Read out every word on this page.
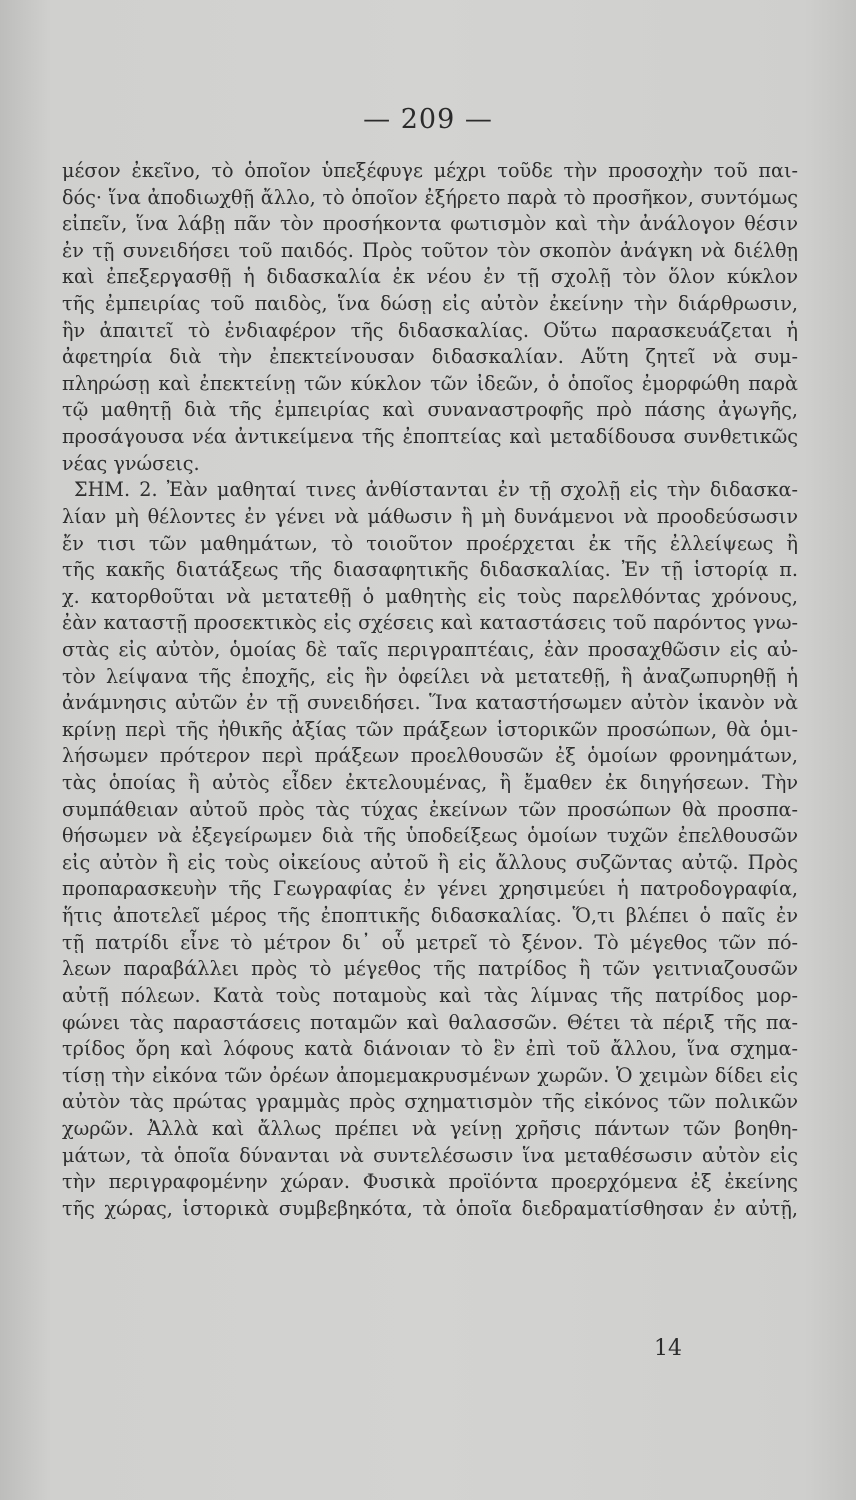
— 209 —
μέσον ἐκεῖνο, τὸ ὁποῖον ὑπεξέφυγε μέχρι τοῦδε τὴν προσοχὴν τοῦ παι-
δός· ἵνα ἀποδιωχθῇ ἄλλο, τὸ ὁποῖον ἐξήρετο παρὰ τὸ προσῆκον, συντόμως
εἰπεῖν, ἵνα λάβῃ πᾶν τὸν προσήκοντα φωτισμὸν καὶ τὴν ἀνάλογον θέσιν
ἐν τῇ συνειδήσει τοῦ παιδός. Πρὸς τοῦτον τὸν σκοπὸν ἀνάγκη νὰ διέλθῃ
καὶ ἐπεξεργασθῇ ἡ διδασκαλία ἐκ νέου ἐν τῇ σχολῇ τὸν ὅλον κύκλον
τῆς ἐμπειρίας τοῦ παιδὸς, ἵνα δώσῃ εἰς αὐτὸν ἐκείνην τὴν διάρθρωσιν,
ἣν ἀπαιτεῖ τὸ ἐνδιαφέρον τῆς διδασκαλίας. Οὕτω παρασκευάζεται ἡ
ἀφετηρία διὰ τὴν ἐπεκτείνουσαν διδασκαλίαν. Αὕτη ζητεῖ νὰ συμ-
πληρώσῃ καὶ ἐπεκτείνῃ τῶν κύκλον τῶν ἰδεῶν, ὁ ὁποῖος ἐμορφώθη παρὰ
τῷ μαθητῇ διὰ τῆς ἐμπειρίας καὶ συναναστροφῆς πρὸ πάσης ἀγωγῆς,
προσάγουσα νέα ἀντικείμενα τῆς ἐποπτείας καὶ μεταδίδουσα συνθετικῶς
νέας γνώσεις.
ΣΗΜ. 2. Ἐὰν μαθηταί τινες ἀνθίστανται ἐν τῇ σχολῇ εἰς τὴν διδασκα-
λίαν μὴ θέλοντες ἐν γένει νὰ μάθωσιν ἢ μὴ δυνάμενοι νὰ προοδεύσωσιν
ἔν τισι τῶν μαθημάτων, τὸ τοιοῦτον προέρχεται ἐκ τῆς ἐλλείψεως ἢ
τῆς κακῆς διατάξεως τῆς διασαφητικῆς διδασκαλίας. Ἐν τῇ ἱστορίᾳ π.
χ. κατορθοῦται νὰ μετατεθῇ ὁ μαθητὴς εἰς τοὺς παρελθόντας χρόνους,
ἐὰν καταστῇ προσεκτικὸς εἰς σχέσεις καὶ καταστάσεις τοῦ παρόντος γνω-
στὰς εἰς αὐτὸν, ὁμοίας δὲ ταῖς περιγραπτέαις, ἐὰν προσαχθῶσιν εἰς αὐ-
τὸν λείψανα τῆς ἐποχῆς, εἰς ἣν ὀφείλει νὰ μετατεθῇ, ἢ ἀναζωπυρηθῇ ἡ
ἀνάμνησις αὐτῶν ἐν τῇ συνειδήσει. Ἵνα καταστήσωμεν αὐτὸν ἱκανὸν νὰ
κρίνῃ περὶ τῆς ἠθικῆς ἀξίας τῶν πράξεων ἱστορικῶν προσώπων, θὰ ὁμι-
λήσωμεν πρότερον περὶ πράξεων προελθουσῶν ἐξ ὁμοίων φρονημάτων,
τὰς ὁποίας ἢ αὐτὸς εἶδεν ἐκτελουμένας, ἢ ἔμαθεν ἐκ διηγήσεων. Τὴν
συμπάθειαν αὐτοῦ πρὸς τὰς τύχας ἐκείνων τῶν προσώπων θὰ προσπα-
θήσωμεν νὰ ἐξεγείρωμεν διὰ τῆς ὑποδείξεως ὁμοίων τυχῶν ἐπελθουσῶν
εἰς αὐτὸν ἢ εἰς τοὺς οἰκείους αὐτοῦ ἢ εἰς ἄλλους συζῶντας αὐτῷ. Πρὸς
προπαρασκευὴν τῆς Γεωγραφίας ἐν γένει χρησιμεύει ἡ πατροδογραφία,
ἥτις ἀποτελεῖ μέρος τῆς ἐποπτικῆς διδασκαλίας. Ὅ,τι βλέπει ὁ παῖς ἐν
τῇ πατρίδι εἶνε τὸ μέτρον δι᾽ οὗ μετρεῖ τὸ ξένον. Τὸ μέγεθος τῶν πό-
λεων παραβάλλει πρὸς τὸ μέγεθος τῆς πατρίδος ἢ τῶν γειτνιαζουσῶν
αὐτῇ πόλεων. Κατὰ τοὺς ποταμοὺς καὶ τὰς λίμνας τῆς πατρίδος μορ-
φώνει τὰς παραστάσεις ποταμῶν καὶ θαλασσῶν. Θέτει τὰ πέριξ τῆς πα-
τρίδος ὄρη καὶ λόφους κατὰ διάνοιαν τὸ ἓν ἐπὶ τοῦ ἄλλου, ἵνα σχημα-
τίσῃ τὴν εἰκόνα τῶν ὀρέων ἀπομεμακρυσμένων χωρῶν. Ὁ χειμὼν δίδει εἰς
αὐτὸν τὰς πρώτας γραμμὰς πρὸς σχηματισμὸν τῆς εἰκόνος τῶν πολικῶν
χωρῶν. Ἀλλὰ καὶ ἄλλως πρέπει νὰ γείνῃ χρῆσις πάντων τῶν βοηθη-
μάτων, τὰ ὁποῖα δύνανται νὰ συντελέσωσιν ἵνα μεταθέσωσιν αὐτὸν εἰς
τὴν περιγραφομένην χώραν. Φυσικὰ προϊόντα προερχόμενα ἐξ ἐκείνης
τῆς χώρας, ἱστορικὰ συμβεβηκότα, τὰ ὁποῖα διεδραματίσθησαν ἐν αὐτῇ,
14
